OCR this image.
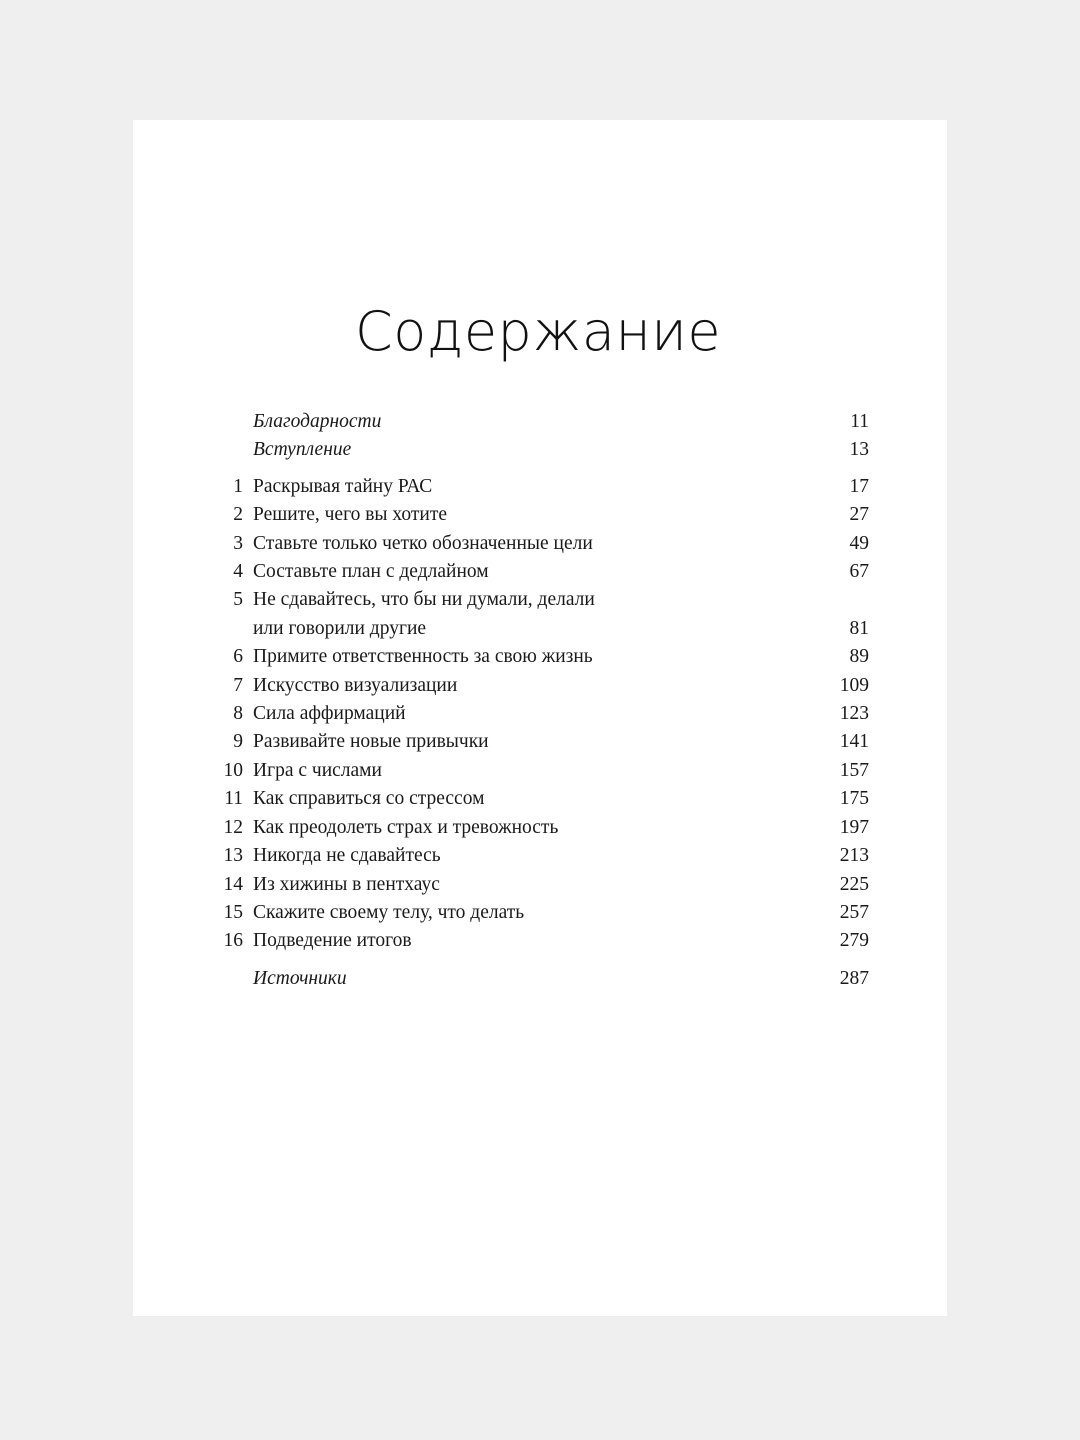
Содержание
Благодарности	11
Вступление	13
1 Раскрывая тайну РАС	17
2 Решите, чего вы хотите	27
3 Ставьте только четко обозначенные цели	49
4 Составьте план с дедлайном	67
5 Не сдавайтесь, что бы ни думали, делали
или говорили другие	81
6 Примите ответственность за свою жизнь	89
7 Искусство визуализации	109
8 Сила аффирмаций	123
9 Развивайте новые привычки	141
10 Игра с числами	157
11 Как справиться со стрессом	175
12 Как преодолеть страх и тревожность	197
13 Никогда не сдавайтесь	213
14 Из хижины в пентхаус	225
15 Скажите своему телу, что делать	257
16 Подведение итогов	279
Источники	287
